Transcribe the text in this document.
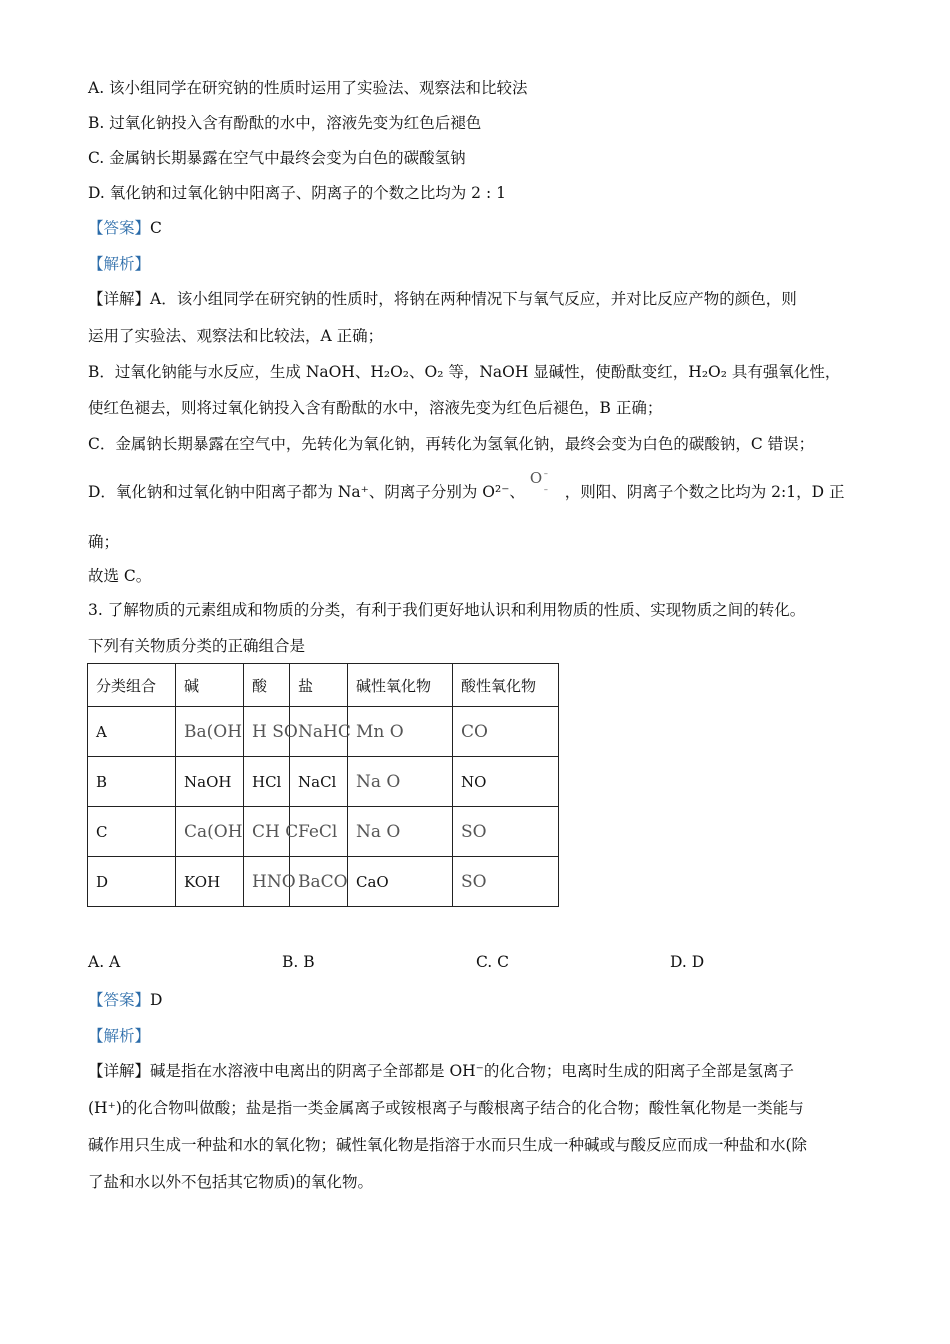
A. 该小组同学在研究钠的性质时运用了实验法、观察法和比较法
B. 过氧化钠投入含有酚酞的水中，溶液先变为红色后褪色
C. 金属钠长期暴露在空气中最终会变为白色的碳酸氢钠
D. 氧化钠和过氧化钠中阳离子、阴离子的个数之比均为 2 : 1
【答案】C
【解析】
【详解】A．该小组同学在研究钠的性质时，将钠在两种情况下与氧气反应，并对比反应产物的颜色，则
运用了实验法、观察法和比较法，A 正确；
B．过氧化钠能与水反应，生成 NaOH、H₂O₂、O₂ 等，NaOH 显碱性，使酚酞变红，H₂O₂ 具有强氧化性，
使红色褪去，则将过氧化钠投入含有酚酞的水中，溶液先变为红色后褪色，B 正确；
C．金属钠长期暴露在空气中，先转化为氧化钠，再转化为氢氧化钠，最终会变为白色的碳酸钠，C 错误；
D．氧化钠和过氧化钠中阳离子都为 Na⁺、阴离子分别为 O²⁻、
O –
– ，则阳、阴离子个数之比均为 2:1，D 正
确；
故选 C。
3. 了解物质的元素组成和物质的分类，有利于我们更好地认识和利用物质的性质、实现物质之间的转化。
下列有关物质分类的正确组合是
分类组合	碱	酸	盐	碱性氧化物	酸性氧化物
A	Ba(OH	H SO	NaHC	Mn O	CO
B	NaOH	HCl	NaCl	Na O	NO
C	Ca(OH	CH C	FeCl	Na O	SO
D	KOH	HNO	BaCO	CaO	SO
A. A	B. B	C. C	D. D
【答案】D
【解析】
【详解】碱是指在水溶液中电离出的阴离子全部都是 OH⁻的化合物；电离时生成的阳离子全部是氢离子
(H⁺)的化合物叫做酸；盐是指一类金属离子或铵根离子与酸根离子结合的化合物；酸性氧化物是一类能与
碱作用只生成一种盐和水的氧化物；碱性氧化物是指溶于水而只生成一种碱或与酸反应而成一种盐和水(除
了盐和水以外不包括其它物质)的氧化物。
